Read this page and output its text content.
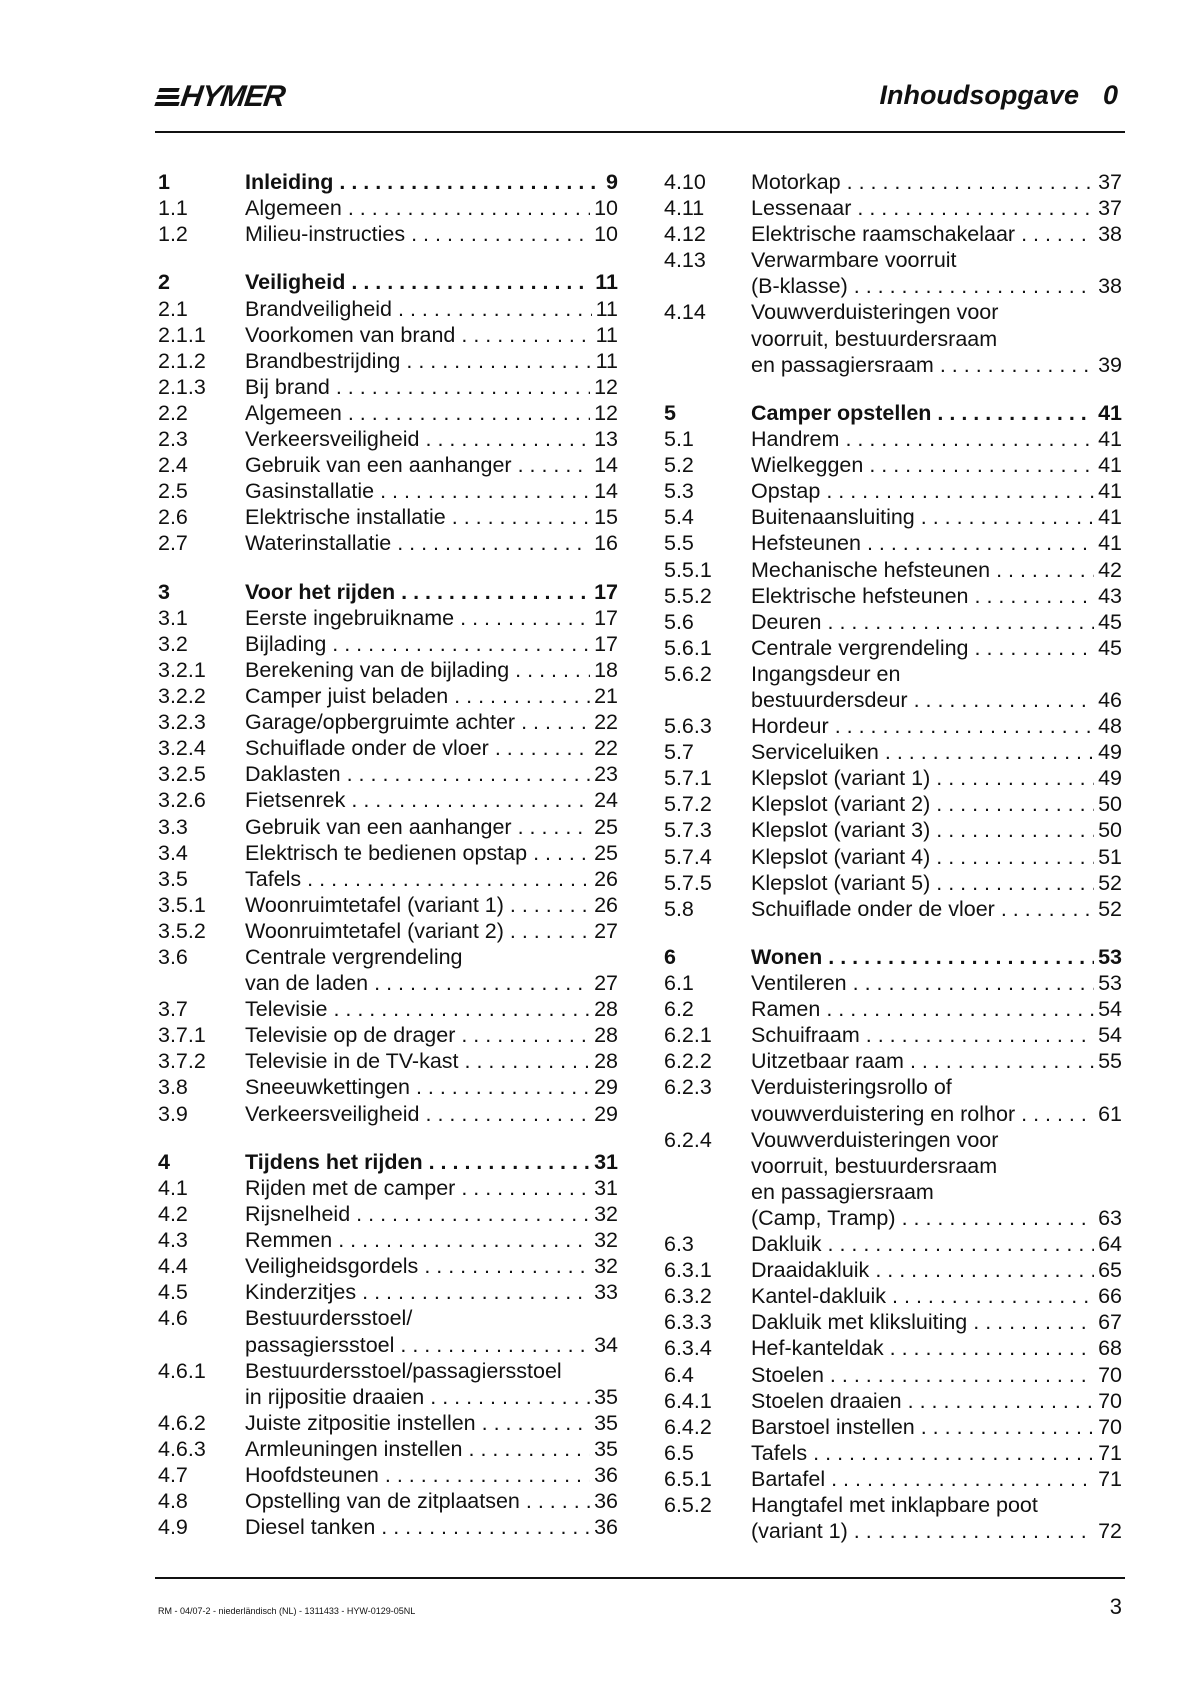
HYMER	Inhoudsopgave 0
1	Inleiding . . .	9
1.1	Algemeen . . .	10
1.2	Milieu-instructies . . .	10
2	Veiligheid . . .	11
2.1	Brandveiligheid . . .	11
2.1.1 Voorkomen van brand . . .	11
2.1.2 Brandbestrijding . . .	11
2.1.3 Bij brand . . .	12
2.2	Algemeen . . .	12
2.3	Verkeersveiligheid . . .	13
2.4	Gebruik van een aanhanger . . .	14
2.5	Gasinstallatie . . .	14
2.6	Elektrische installatie . . .	15
2.7	Waterinstallatie . . .	16
3	Voor het rijden . . .	17
3.1	Eerste ingebruikname . . .	17
3.2	Bijlading . . .	17
3.2.1 Berekening van de bijlading . . .	18
3.2.2 Camper juist beladen . . .	21
3.2.3 Garage/opbergruimte achter . . .	22
3.2.4 Schuiflade onder de vloer . . .	22
3.2.5 Daklasten . . .	23
3.2.6 Fietsenrek . . .	24
3.3	Gebruik van een aanhanger . . .	25
3.4	Elektrisch te bedienen opstap . . .	25
3.5	Tafels . . .	26
3.5.1 Woonruimtetafel (variant 1) . . .	26
3.5.2 Woonruimtetafel (variant 2) . . .	27
3.6	Centrale vergrendeling
van de laden . . .	27
3.7	Televisie . . .	28
3.7.1 Televisie op de drager . . .	28
3.7.2 Televisie in de TV-kast . . .	28
3.8	Sneeuwkettingen . . .	29
3.9	Verkeersveiligheid . . .	29
4	Tijdens het rijden . . .	31
4.1	Rijden met de camper . . .	31
4.2	Rijsnelheid . . .	32
4.3	Remmen . . .	32
4.4	Veiligheidsgordels . . .	32
4.5	Kinderzitjes . . .	33
4.6	Bestuurdersstoel/
passagiersstoel . . .	34
4.6.1 Bestuurdersstoel/passagiersstoel
in rijpositie draaien . . .	35
4.6.2 Juiste zitpositie instellen . . .	35
4.6.3 Armleuningen instellen . . .	35
4.7	Hoofdsteunen . . .	36
4.8	Opstelling van de zitplaatsen . . .	36
4.9	Diesel tanken . . .	36
4.10 Motorkap . . .	37
4.11 Lessenaar . . .	37
4.12 Elektrische raamschakelaar . . .	38
4.13 Verwarmbare voorruit
(B-klasse) . . .	38
4.14 Vouwverduisteringen voor
voorruit, bestuurdersraam
en passagiersraam . . .	39
5	Camper opstellen . . .	41
5.1	Handrem . . .	41
5.2	Wielkeggen . . .	41
5.3	Opstap . . .	41
5.4	Buitenaansluiting . . .	41
5.5	Hefsteunen . . .	41
5.5.1 Mechanische hefsteunen . . .	42
5.5.2 Elektrische hefsteunen . . .	43
5.6	Deuren . . .	45
5.6.1 Centrale vergrendeling . . .	45
5.6.2 Ingangsdeur en
bestuurdersdeur . . .	46
5.6.3 Hordeur . . .	48
5.7	Serviceluiken . . .	49
5.7.1 Klepslot (variant 1) . . .	49
5.7.2 Klepslot (variant 2) . . .	50
5.7.3 Klepslot (variant 3) . . .	50
5.7.4 Klepslot (variant 4) . . .	51
5.7.5 Klepslot (variant 5) . . .	52
5.8	Schuiflade onder de vloer . . .	52
6	Wonen . . .	53
6.1	Ventileren . . .	53
6.2	Ramen . . .	54
6.2.1 Schuifraam . . .	54
6.2.2 Uitzetbaar raam . . .	55
6.2.3 Verduisteringsrollo of
vouwverduistering en rolhor . . .	61
6.2.4 Vouwverduisteringen voor
voorruit, bestuurdersraam
en passagiersraam
(Camp, Tramp) . . .	63
6.3	Dakluik . . .	64
6.3.1 Draaidakluik . . .	65
6.3.2 Kantel-dakluik . . .	66
6.3.3 Dakluik met kliksluiting . . .	67
6.3.4 Hef-kanteldak . . .	68
6.4	Stoelen . . .	70
6.4.1 Stoelen draaien . . .	70
6.4.2 Barstoel instellen . . .	70
6.5	Tafels . . .	71
6.5.1 Bartafel . . .	71
6.5.2 Hangtafel met inklapbare poot
(variant 1) . . .	72
RM - 04/07-2 - niederländisch (NL) - 1311433 - HYW-0129-05NL	3
